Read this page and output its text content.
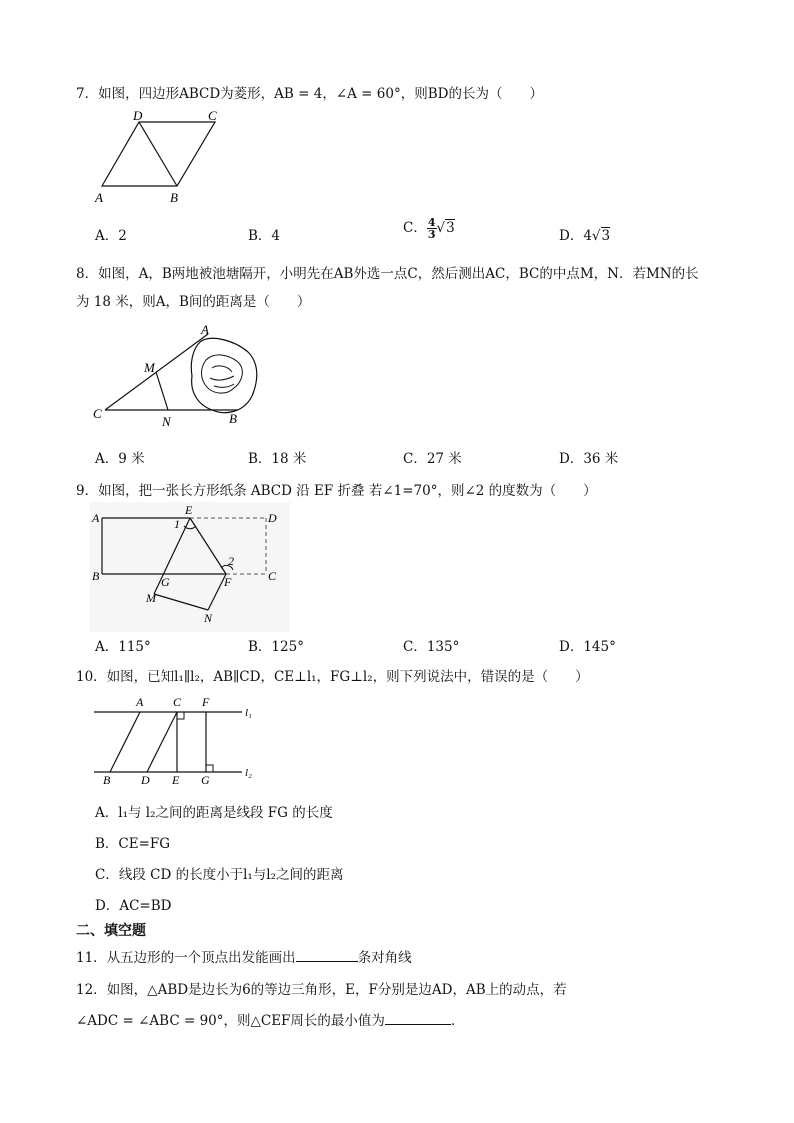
7．如图，四边形ABCD为菱形，AB = 4，∠A = 60°，则BD的长为（　　）
A	B
C
D
A．2	B．4	C． $\frac{4}{3} √3$	D．4√3
8．如图，A，B两地被池塘隔开，小明先在AB外选一点C，然后测出AC，BC的中点M，N．若MN的长
为 18 米，则A，B间的距离是（　　）
A
B
C
M
N
A．9 米	B．18 米	C．27 米	D．36 米
9．如图，把一张长方形纸条 ABCD 沿 EF 折叠 若∠1=70°，则∠2 的度数为（　　）
A
B	C
D
E
F
G
M
N
1
2
A．115°	B．125°	C．135°	D．145°
10．如图，已知l₁∥l₂，AB∥CD，CE⊥l₁，FG⊥l₂，则下列说法中，错误的是（　　）
A C F
B	D E G
l₁
l₂
A．l₁与 l₂之间的距离是线段 FG 的长度
B．CE=FG
C．线段 CD 的长度小于l₁与l₂之间的距离
D．AC=BD
二、填空题
11．从五边形的一个顶点出发能画出	条对角线
12．如图，△ABD是边长为6的等边三角形，E，F分别是边AD，AB上的动点，若
∠ADC = ∠ABC = 90°，则△CEF周长的最小值为	．
